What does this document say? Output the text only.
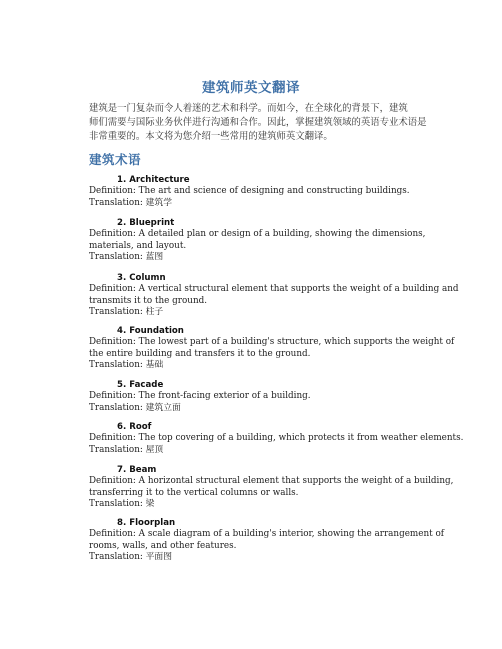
建筑师英文翻译
建筑是一门复杂而令人着迷的艺术和科学。而如今，在全球化的背景下，建筑
师们需要与国际业务伙伴进行沟通和合作。因此，掌握建筑领域的英语专业术语是
非常重要的。本文将为您介绍一些常用的建筑师英文翻译。
建筑术语
1. Architecture
Definition: The art and science of designing and constructing buildings.
Translation: 建筑学
2. Blueprint
Definition: A detailed plan or design of a building, showing the dimensions,
materials, and layout.
Translation: 蓝图
3. Column
Definition: A vertical structural element that supports the weight of a building and
transmits it to the ground.
Translation: 柱子
4. Foundation
Definition: The lowest part of a building's structure, which supports the weight of
the entire building and transfers it to the ground.
Translation: 基础
5. Facade
Definition: The front-facing exterior of a building.
Translation: 建筑立面
6. Roof
Definition: The top covering of a building, which protects it from weather elements.
Translation: 屋顶
7. Beam
Definition: A horizontal structural element that supports the weight of a building,
transferring it to the vertical columns or walls.
Translation: 梁
8. Floorplan
Definition: A scale diagram of a building's interior, showing the arrangement of
rooms, walls, and other features.
Translation: 平面图
